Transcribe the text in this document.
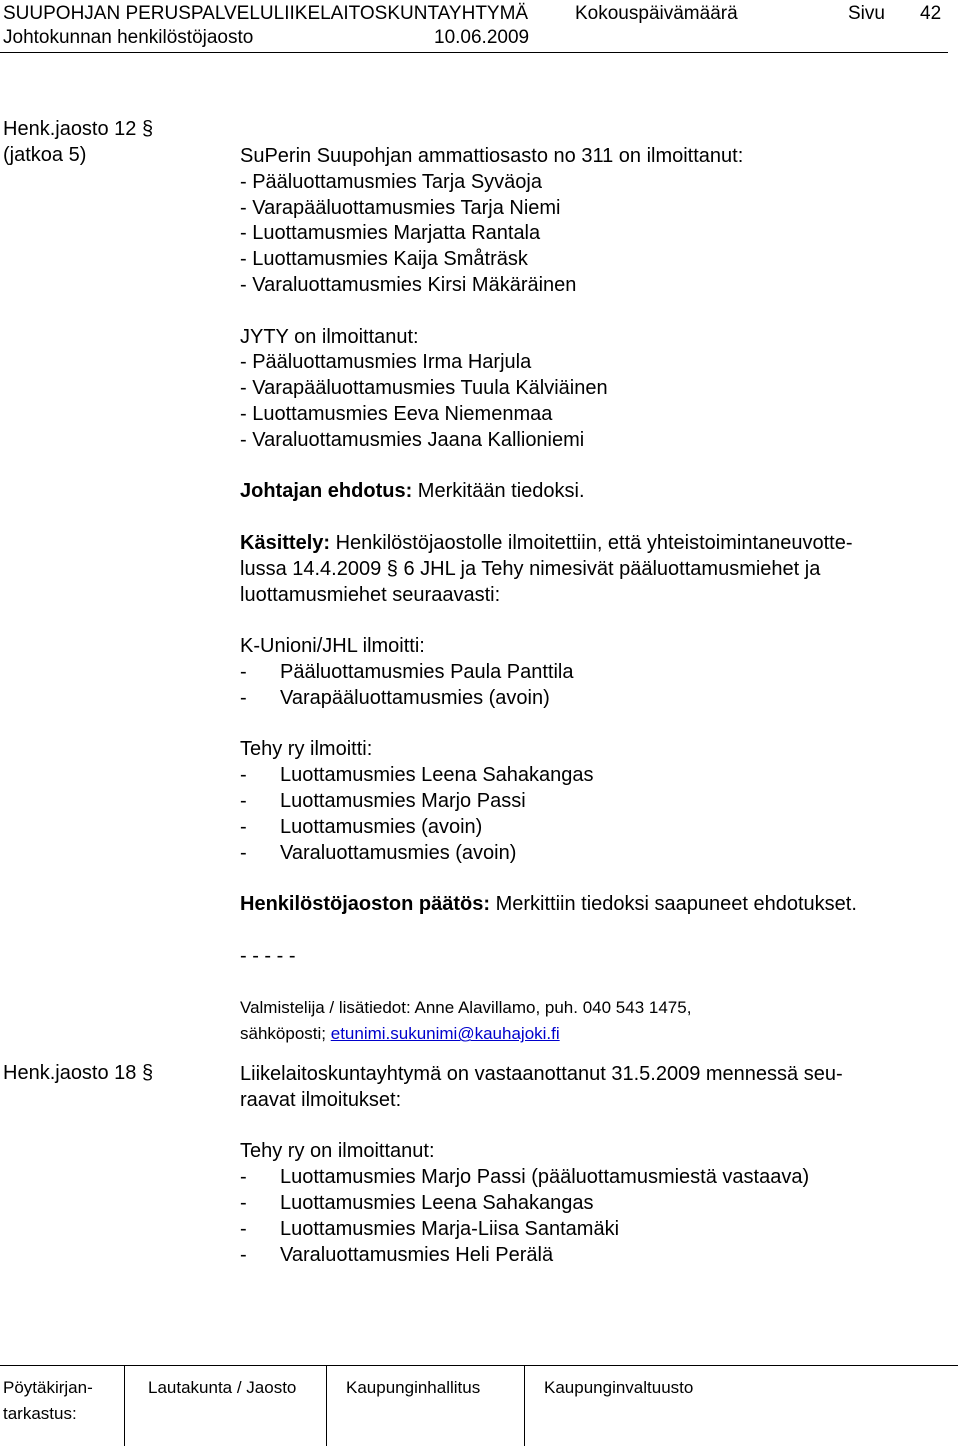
SUUPOHJAN PERUSPALVELULIIKELAITOSKUNTAYHTYMÄ Kokouspäivämäärä	Sivu 42
Johtokunnan henkilöstöjaosto	10.06.2009
Henk.jaosto 12 §
(jatkoa 5)	SuPerin Suupohjan ammattiosasto no 311 on ilmoittanut:
- Pääluottamusmies Tarja Syväoja
- Varapääluottamusmies Tarja Niemi
- Luottamusmies Marjatta Rantala
- Luottamusmies Kaija Småträsk
- Varaluottamusmies Kirsi Mäkäräinen
JYTY on ilmoittanut:
- Pääluottamusmies Irma Harjula
- Varapääluottamusmies Tuula Kälviäinen
- Luottamusmies Eeva Niemenmaa
- Varaluottamusmies Jaana Kallioniemi
Johtajan ehdotus: Merkitään tiedoksi.
Käsittely: Henkilöstöjaostolle ilmoitettiin, että yhteistoimintaneuvotte-
lussa 14.4.2009 § 6 JHL ja Tehy nimesivät pääluottamusmiehet ja
luottamusmiehet seuraavasti:
K-Unioni/JHL ilmoitti:
-	Pääluottamusmies Paula Panttila
-	Varapääluottamusmies (avoin)
Tehy ry ilmoitti:
-	Luottamusmies Leena Sahakangas
-	Luottamusmies Marjo Passi
-	Luottamusmies (avoin)
-	Varaluottamusmies (avoin)
Henkilöstöjaoston päätös: Merkittiin tiedoksi saapuneet ehdotukset.
- - - - -
Valmistelija / lisätiedot: Anne Alavillamo, puh. 040 543 1475,
sähköposti; etunimi.sukunimi@kauhajoki.fi
Henk.jaosto 18 §	Liikelaitoskuntayhtymä on vastaanottanut 31.5.2009 mennessä seu-
raavat ilmoitukset:
Tehy ry on ilmoittanut:
-	Luottamusmies Marjo Passi (pääluottamusmiestä vastaava)
-	Luottamusmies Leena Sahakangas
-	Luottamusmies Marja-Liisa Santamäki
-	Varaluottamusmies Heli Perälä
Pöytäkirjan-
tarkastus:
Lautakunta / Jaosto	Kaupunginhallitus	Kaupunginvaltuusto
